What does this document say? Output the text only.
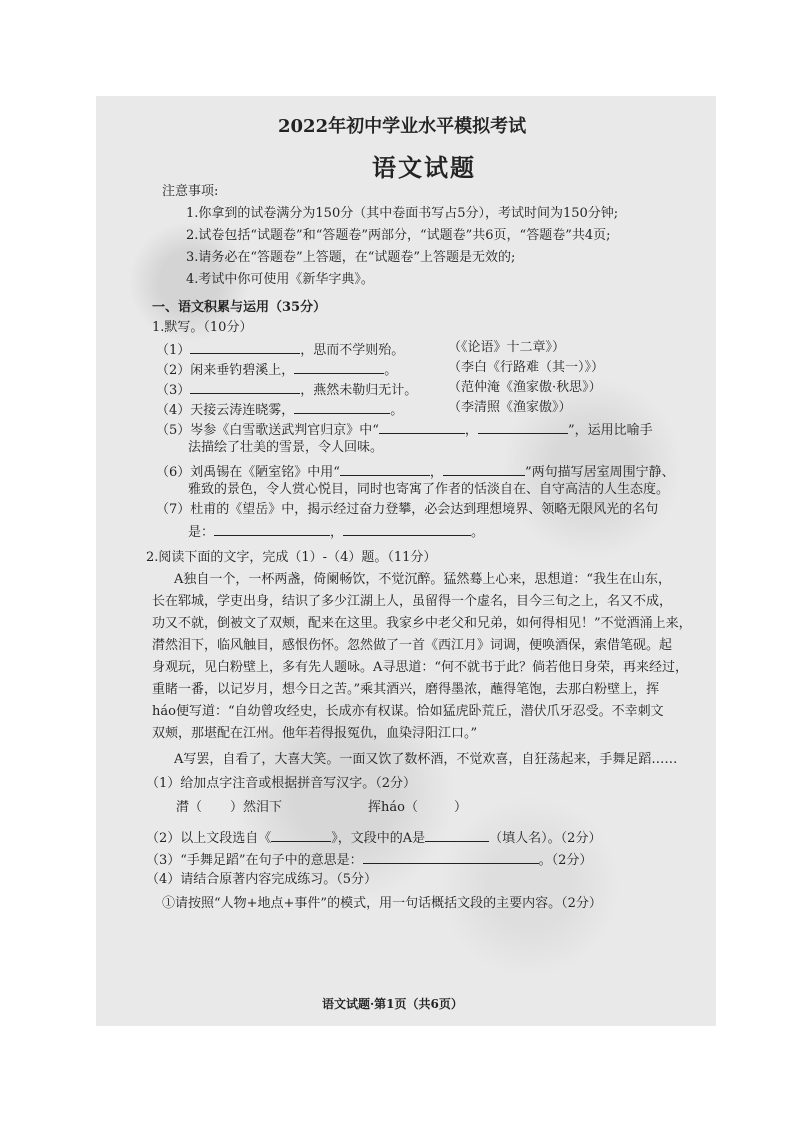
2022年初中学业水平模拟考试
语文试题
注意事项:
1.你拿到的试卷满分为150分（其中卷面书写占5分），考试时间为150分钟;
2.试卷包括“试题卷”和“答题卷”两部分，“试题卷”共6页，“答题卷”共4页;
3.请务必在“答题卷”上答题，在“试题卷”上答题是无效的;
4.考试中你可使用《新华字典》。
一、语文积累与运用（35分）
1.默写。（10分）
（1）	，思而不学则殆。	（《论语》十二章》）
（2）闲来垂钓碧溪上，	。	（李白《行路难（其一）》）
（3）	，燕然未勒归无计。 （范仲淹《渔家傲·秋思》）
（4）天接云涛连晓雾，	。	（李清照《渔家傲》）
（5）岑参《白雪歌送武判官归京》中“	，	”，运用比喻手
法描绘了壮美的雪景，令人回味。
（6）刘禹锡在《陋室铭》中用“	，	”两句描写居室周围宁静、
雅致的景色，令人赏心悦目，同时也寄寓了作者的恬淡自在、自守高洁的人生态度。
（7）杜甫的《望岳》中，揭示经过奋力登攀，必会达到理想境界、领略无限风光的名句
是：	，	。
2.阅读下面的文字，完成（1）-（4）题。（11分）
A独自一个，一杯两盏，倚阑畅饮，不觉沉醉。猛然蓦上心来，思想道：“我生在山东，
长在郓城，学吏出身，结识了多少江湖上人，虽留得一个虚名，目今三旬之上，名又不成，
功又不就，倒被文了双颊，配来在这里。我家乡中老父和兄弟，如何得相见！”不觉酒涌上来，
潸然泪下，临风触目，感恨伤怀。忽然做了一首《西江月》词调，便唤酒保，索借笔砚。起
身观玩，见白粉壁上，多有先人题咏。A寻思道：“何不就书于此？倘若他日身荣，再来经过，
重睹一番，以记岁月，想今日之苦。”乘其酒兴，磨得墨浓，蘸得笔饱，去那白粉壁上，挥
háo便写道：“自幼曾攻经史，长成亦有权谋。恰如猛虎卧荒丘，潜伏爪牙忍受。不幸刺文
双颊，那堪配在江州。他年若得报冤仇，血染浔阳江口。”
A写罢，自看了，大喜大笑。一面又饮了数杯酒，不觉欢喜，自狂荡起来，手舞足蹈……
（1）给加点字注音或根据拼音写汉字。（2分）
潸（ ）然泪下	挥háo（	）
（2）以上文段选自《	》，文段中的A是	（填人名）。（2分）
（3）“手舞足蹈”在句子中的意思是：	。（2分）
（4）请结合原著内容完成练习。（5分）
①请按照“人物+地点+事件”的模式，用一句话概括文段的主要内容。（2分）
语文试题·第1页（共6页）
